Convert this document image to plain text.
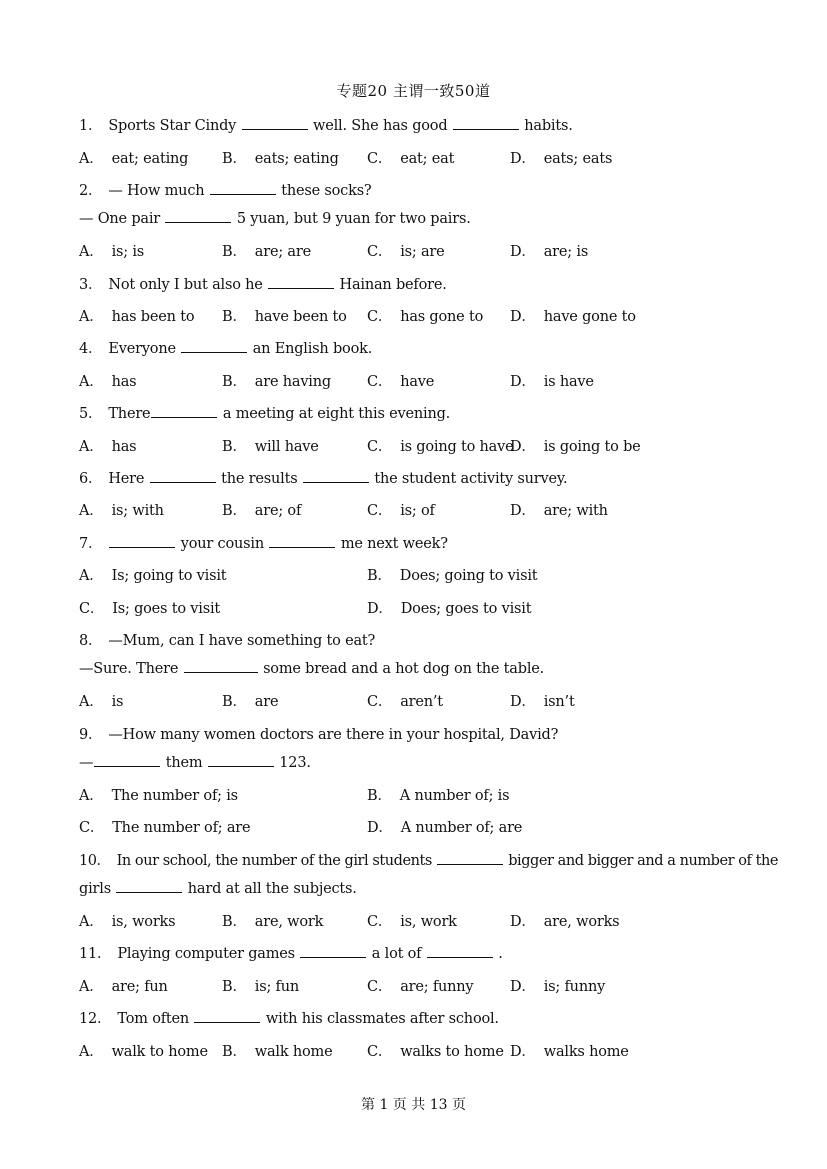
专题20 主谓一致50道
1． Sports Star Cindy	well. She has good	habits.
A． eat; eating B． eats; eating C． eat; eat	D． eats; eats
2． — How much	these socks?
— One pair	5 yuan, but 9 yuan for two pairs.
A． is; is	B． are; are	C． is; are	D． are; is
3． Not only I but also he	Hainan before.
A． has been to B． have been to C． has gone to D． have gone to
4． Everyone	an English book.
A． has	B． are having C． have	D． is have
5． There	a meeting at eight this evening.
A． has	B． will have	C． is going to have
D． is going to be
6． Here	the results	the student activity survey.
A． is; with	B． are; of	C． is; of	D． are; with
7．	your cousin	me next week?
A． Is; going to visit	B． Does; going to visit
C． Is; goes to visit	D． Does; goes to visit
8． —Mum, can I have something to eat?
—Sure. There	some bread and a hot dog on the table.
A． is	B． are	C． aren’t	D． isn’t
9． —How many women doctors are there in your hospital, David?
—	them	123.
A． The number of; is	B． A number of; is
C． The number of; are	D． A number of; are
10． In our school, the number of the girl students	bigger and bigger and a number of the
girls	hard at all the subjects.
A． is, works	B． are, work	C． is, work	D． are, works
11． Playing computer games	a lot of	.
A． are; fun	B． is; fun	C． are; funny	D． is; funny
12． Tom often	with his classmates after school.
A． walk to home B． walk home C． walks to home D． walks home
第 1 页 共 13 页
